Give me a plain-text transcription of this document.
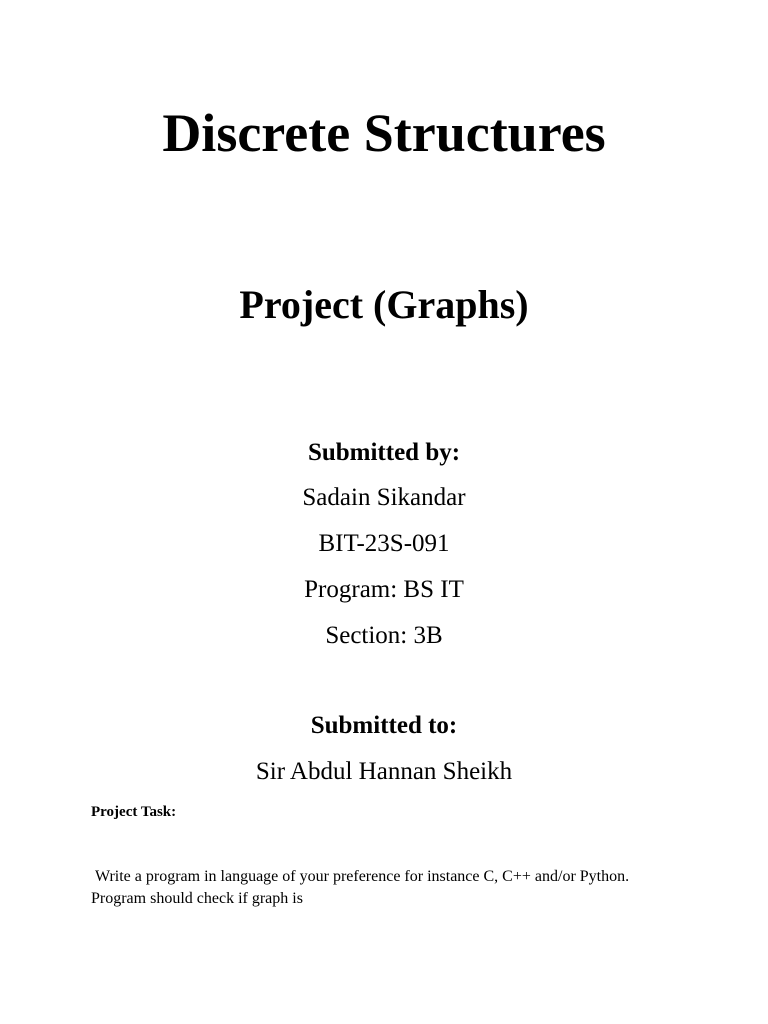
Discrete Structures
Project (Graphs)
Submitted by:
Sadain Sikandar
BIT-23S-091
Program: BS IT
Section: 3B
Submitted to:
Sir Abdul Hannan Sheikh
Project Task:
Write a program in language of your preference for instance C, C++ and/or Python. Program should check if graph is
